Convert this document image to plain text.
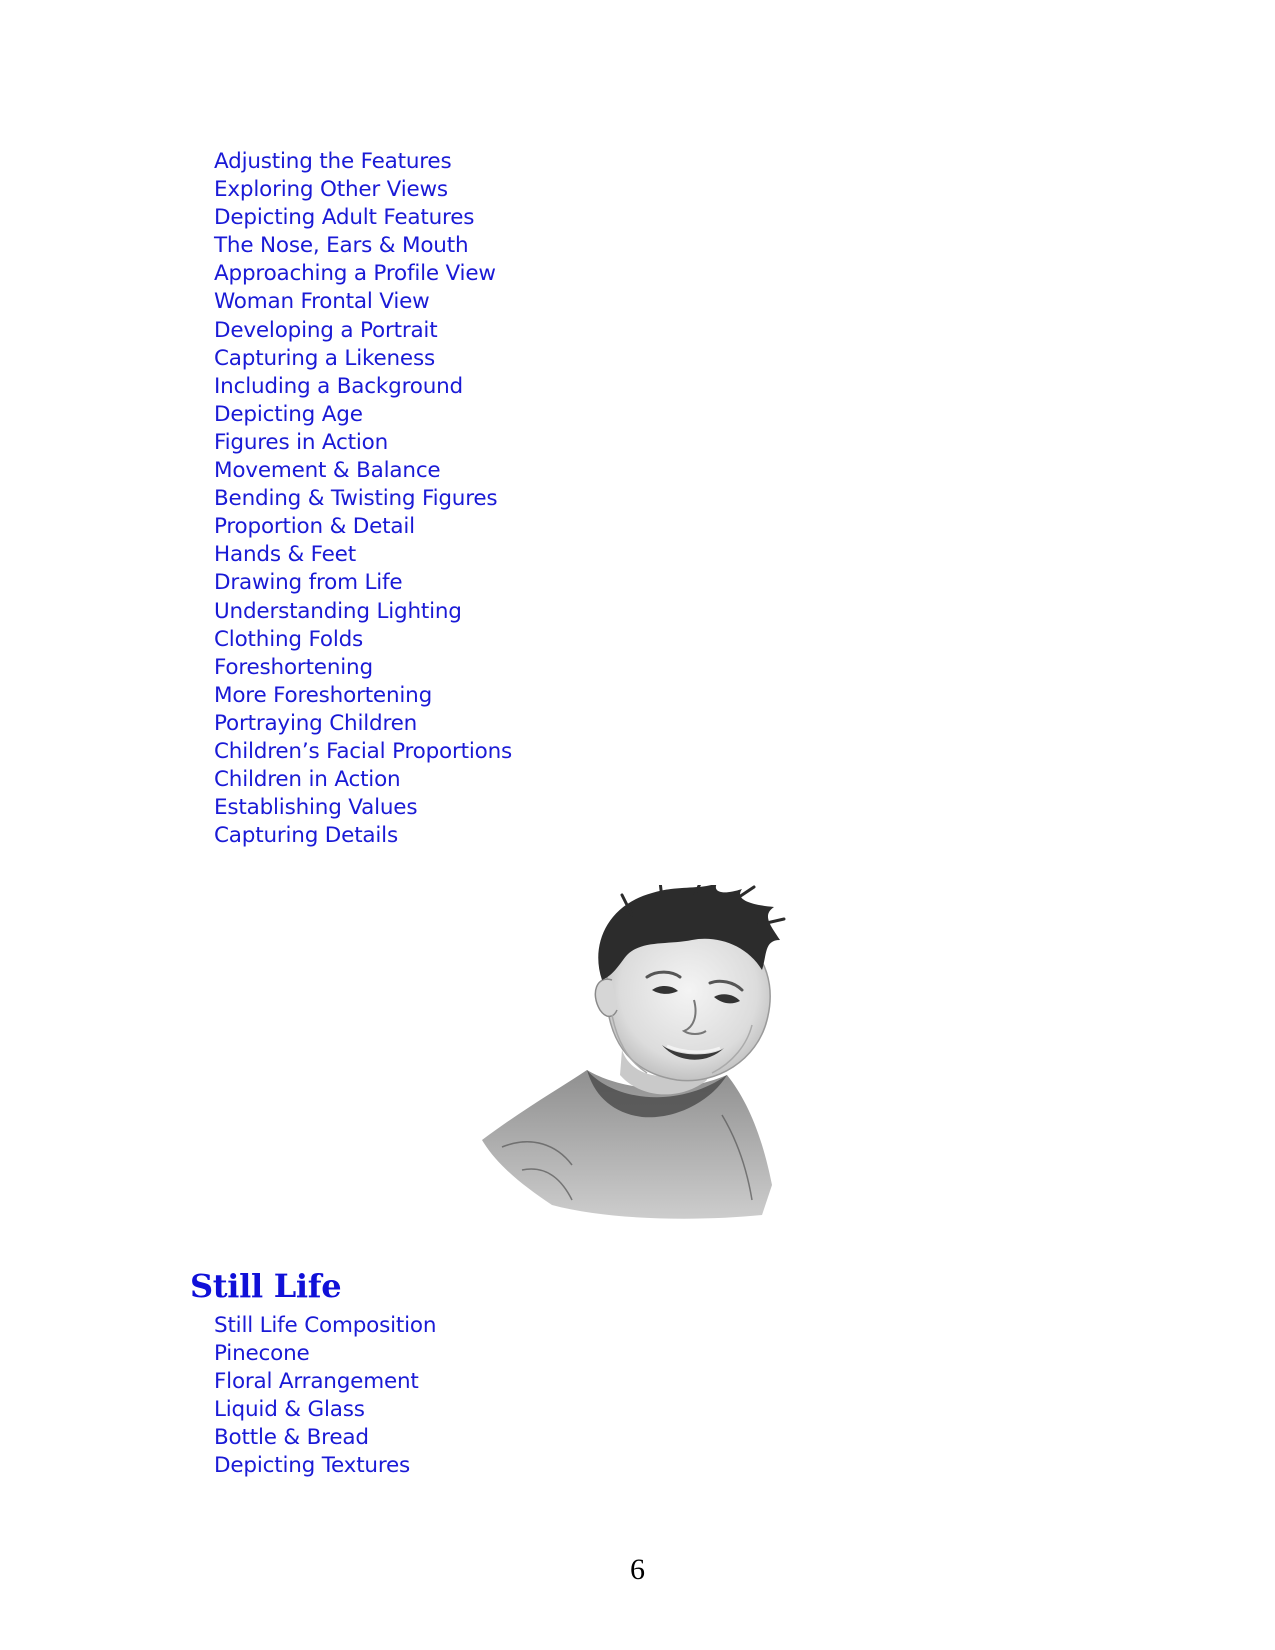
Adjusting the Features
Exploring Other Views
Depicting Adult Features
The Nose, Ears & Mouth
Approaching a Profile View
Woman Frontal View
Developing a Portrait
Capturing a Likeness
Including a Background
Depicting Age
Figures in Action
Movement & Balance
Bending & Twisting Figures
Proportion & Detail
Hands & Feet
Drawing from Life
Understanding Lighting
Clothing Folds
Foreshortening
More Foreshortening
Portraying Children
Children’s Facial Proportions
Children in Action
Establishing Values
Capturing Details
Still Life
Still Life Composition
Pinecone
Floral Arrangement
Liquid & Glass
Bottle & Bread
Depicting Textures
6
